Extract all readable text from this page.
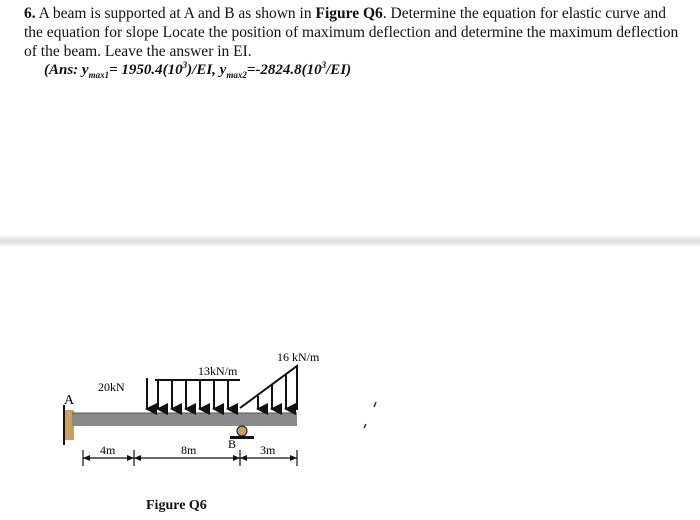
6. A beam is supported at A and B as shown in Figure Q6. Determine the equation for elastic curve and the equation for slope Locate the position of maximum deflection and determine the maximum deflection of the beam. Leave the answer in EI.

(Ans: $y_{max1}= 1950.4(10^3)/EI$, $y_{max2}=-2824.8(10^3/EI)$

A
20kN
13kN/m
16 kN/m
B
4m	8m	3m

Figure Q6
